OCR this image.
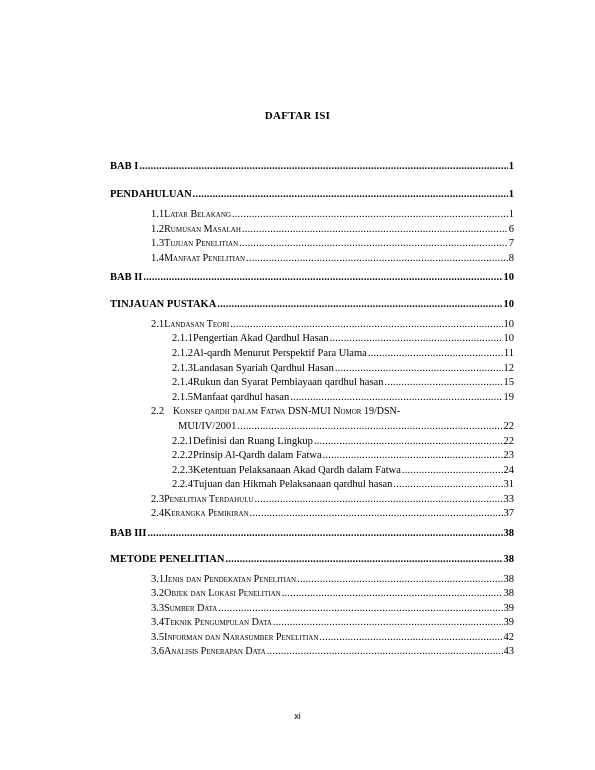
DAFTAR ISI
BAB I .....	1
PENDAHULUAN .....	1
1.1 Latar Belakang .....	1
1.2 Rumusan Masalah .....	6
1.3 Tujuan Penelitian .....	7
1.4 Manfaat Penelitian .....	8
BAB II .....	10
TINJAUAN PUSTAKA .....	10
2.1 Landasan Teori .....	10
2.1.1 Pengertian Akad Qardhul Hasan .....	10
2.1.2 Al-qardh Menurut Perspektif Para Ulama .....	11
2.1.3 Landasan Syariah Qardhul Hasan .....	12
2.1.4 Rukun dan Syarat Pembiayaan qardhul hasan .....	15
2.1.5 Manfaat qardhul hasan .....	19
2.2 Konsep qardh dalam Fatwa DSN-MUI Nomor 19/DSN-
MUI/IV/2001 .....	22
2.2.1 Definisi dan Ruang Lingkup .....	22
2.2.2 Prinsip Al-Qardh dalam Fatwa .....	23
2.2.3 Ketentuan Pelaksanaan Akad Qardh dalam Fatwa .....	24
2.2.4 Tujuan dan Hikmah Pelaksanaan qardhul hasan .....	31
2.3 Penelitian Terdahulu .....	33
2.4 Kerangka Pemikiran .....	37
BAB III .....	38
METODE PENELITIAN .....	38
3.1 Jenis dan Pendekatan Penelitian .....	38
3.2 Objek dan Lokasi Penelitian .....	38
3.3 Sumber Data .....	39
3.4 Teknik Pengumpulan Data .....	39
3.5 Informan dan Narasumber Penelitian .....	42
3.6 Analisis Penerapan Data .....	43
xi
